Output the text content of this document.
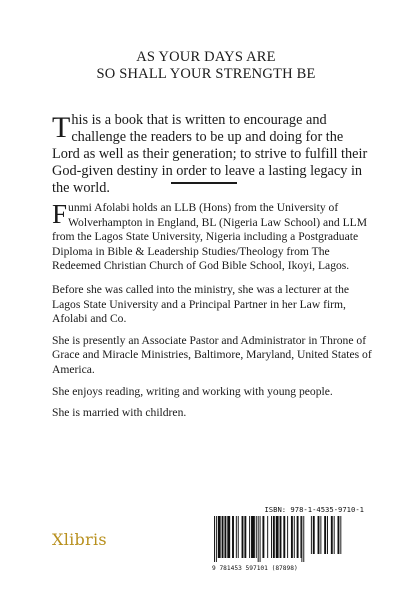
AS YOUR DAYS ARE
SO SHALL YOUR STRENGTH BE

This is a book that is written to encourage and challenge the readers to be up and doing for the Lord as well as their generation; to strive to fulfill their God-given destiny in order to leave a lasting legacy in the world.

Funmi Afolabi holds an LLB (Hons) from the University of Wolverhampton in England, BL (Nigeria Law School) and LLM from the Lagos State University, Nigeria including a Postgraduate Diploma in Bible & Leadership Studies/Theology from The Redeemed Christian Church of God Bible School, Ikoyi, Lagos.

Before she was called into the ministry, she was a lecturer at the Lagos State University and a Principal Partner in her Law firm, Afolabi and Co.

She is presently an Associate Pastor and Administrator in Throne of Grace and Miracle Ministries, Baltimore, Maryland, United States of America.

She enjoys reading, writing and working with young people.

She is married with children.

Xlibris
ISBN: 978-1-4535-9710-1
9 781453 597101 (87898)
